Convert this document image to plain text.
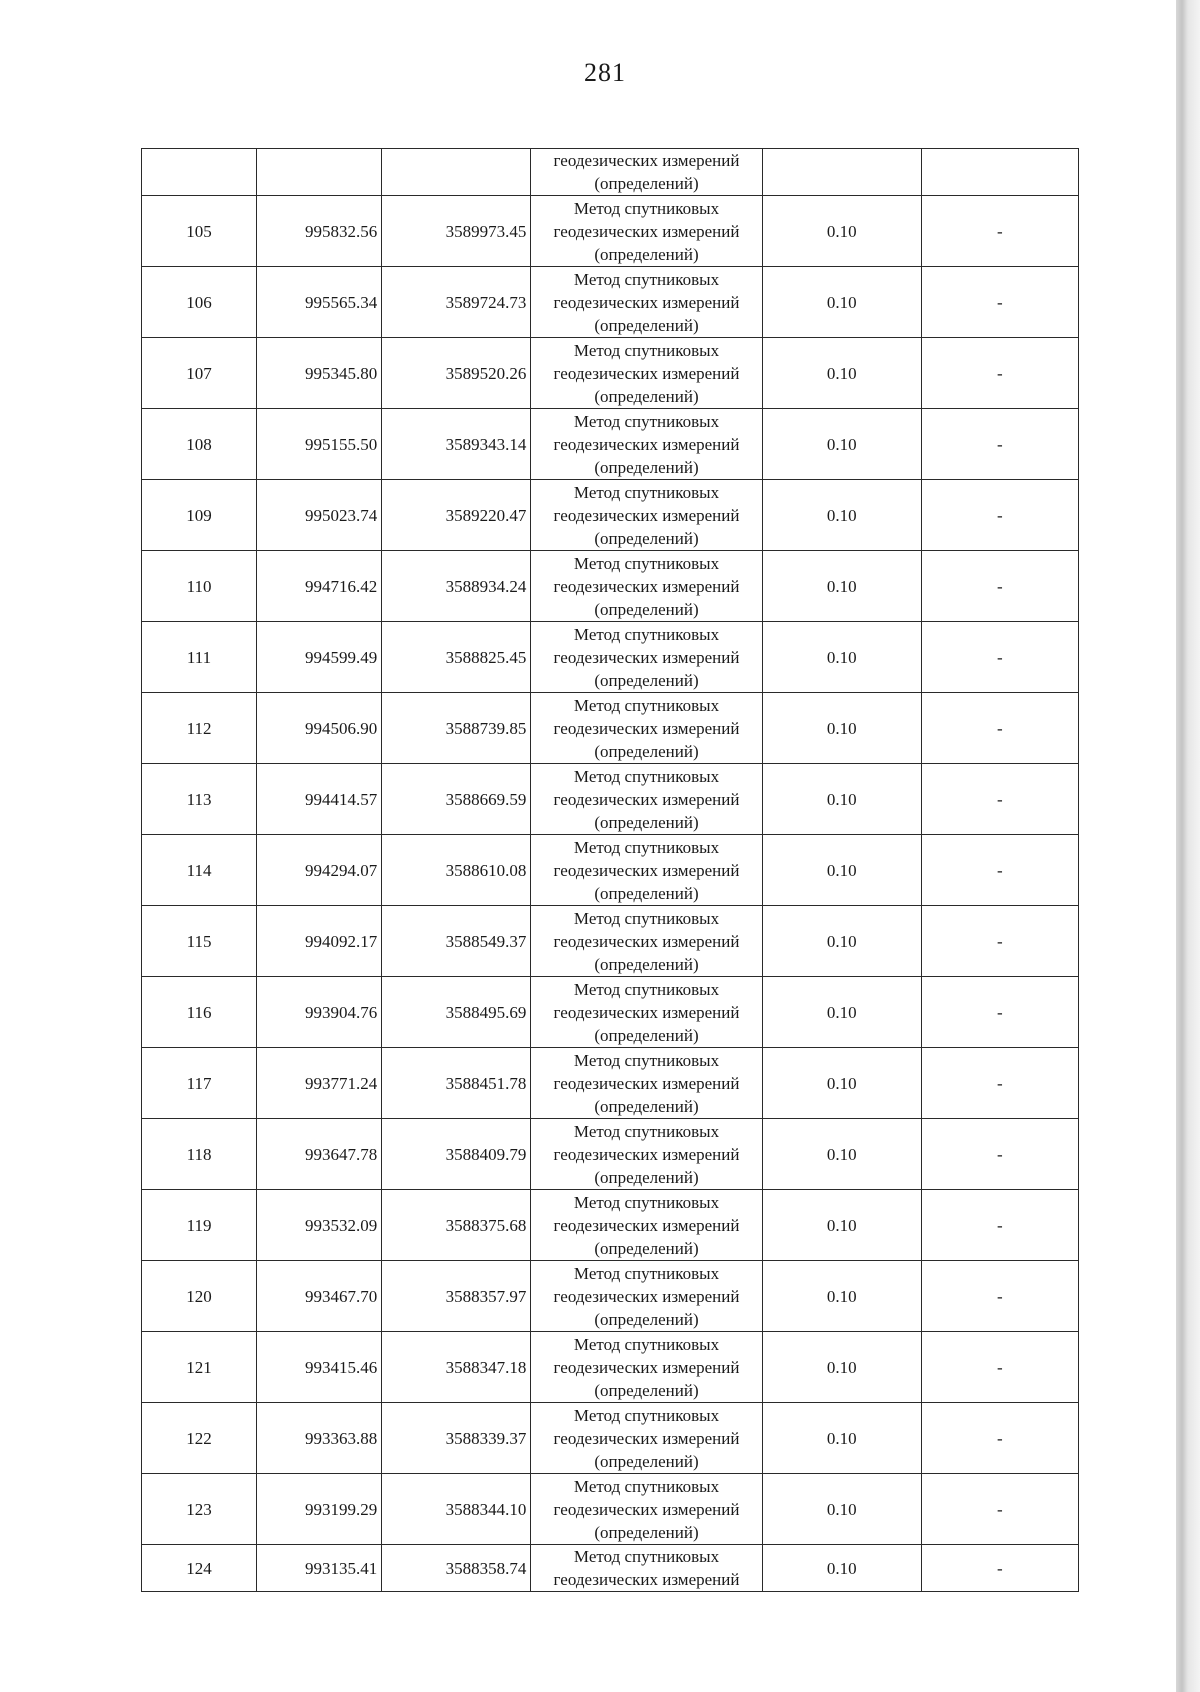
281

			геодезических измерений
(определений)		

105	995832.56	3589973.45	Метод спутниковых
геодезических измерений
(определений)	0.10	-
106	995565.34	3589724.73	Метод спутниковых
геодезических измерений
(определений)	0.10	-
107	995345.80	3589520.26	Метод спутниковых
геодезических измерений
(определений)	0.10	-
108	995155.50	3589343.14	Метод спутниковых
геодезических измерений
(определений)	0.10	-
109	995023.74	3589220.47	Метод спутниковых
геодезических измерений
(определений)	0.10	-
110	994716.42	3588934.24	Метод спутниковых
геодезических измерений
(определений)	0.10	-
111	994599.49	3588825.45	Метод спутниковых
геодезических измерений
(определений)	0.10	-
112	994506.90	3588739.85	Метод спутниковых
геодезических измерений
(определений)	0.10	-
113	994414.57	3588669.59	Метод спутниковых
геодезических измерений
(определений)	0.10	-
114	994294.07	3588610.08	Метод спутниковых
геодезических измерений
(определений)	0.10	-
115	994092.17	3588549.37	Метод спутниковых
геодезических измерений
(определений)	0.10	-
116	993904.76	3588495.69	Метод спутниковых
геодезических измерений
(определений)	0.10	-
117	993771.24	3588451.78	Метод спутниковых
геодезических измерений
(определений)	0.10	-
118	993647.78	3588409.79	Метод спутниковых
геодезических измерений
(определений)	0.10	-
119	993532.09	3588375.68	Метод спутниковых
геодезических измерений
(определений)	0.10	-
120	993467.70	3588357.97	Метод спутниковых
геодезических измерений
(определений)	0.10	-
121	993415.46	3588347.18	Метод спутниковых
геодезических измерений
(определений)	0.10	-
122	993363.88	3588339.37	Метод спутниковых
геодезических измерений
(определений)	0.10	-
123	993199.29	3588344.10	Метод спутниковых
геодезических измерений
(определений)	0.10	-
124	993135.41	3588358.74	Метод спутниковых
геодезических измерений	0.10	-
